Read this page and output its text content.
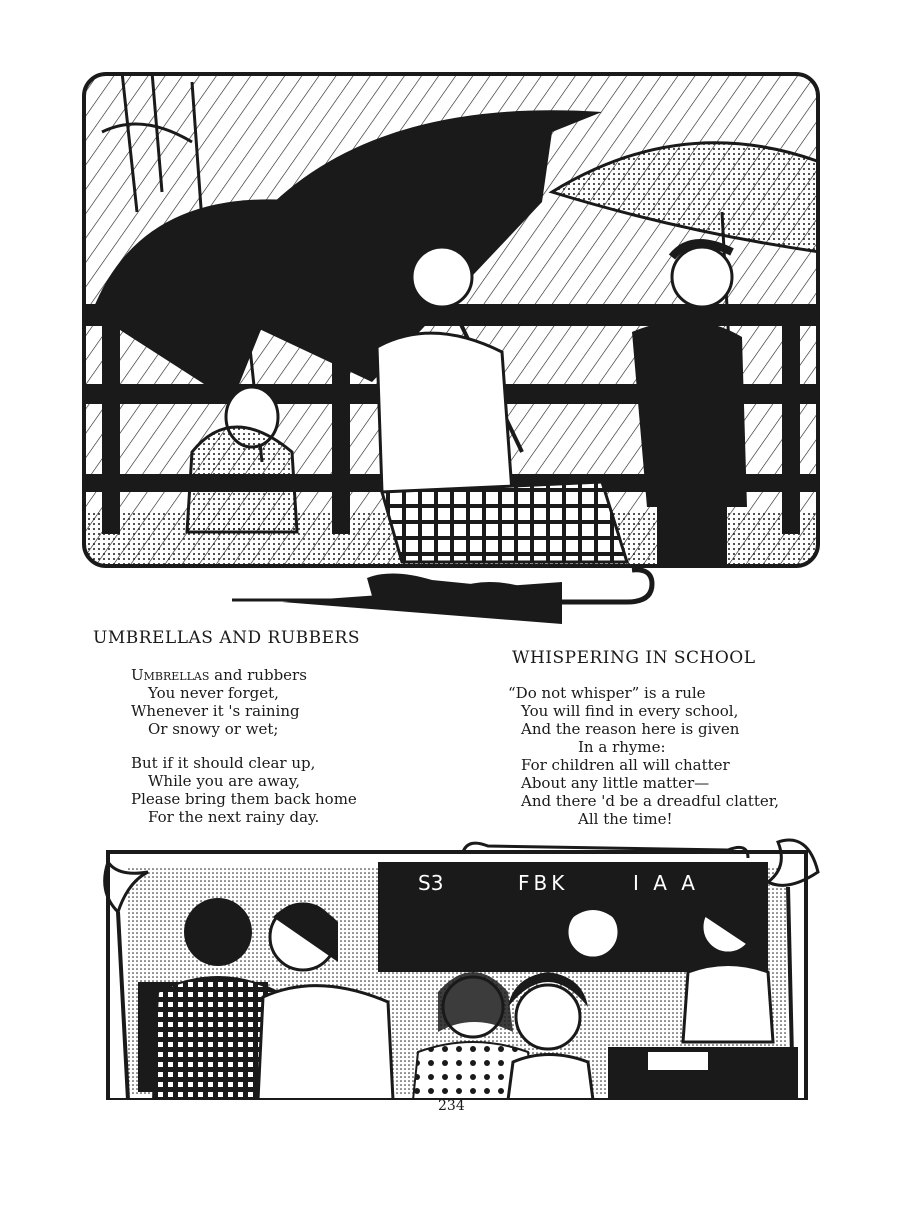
UMBRELLAS AND RUBBERS
Umbrellas and rubbers
You never forget,
Whenever it 's raining
Or snowy or wet;
But if it should clear up,
While you are away,
Please bring them back home
For the next rainy day.
WHISPERING IN SCHOOL
“Do not whisper” is a rule
You will find in every school,
And the reason here is given
In a rhyme:
For children all will chatter
About any little matter—
And there 'd be a dreadful clatter,
All the time!
S3	FBK	I A A
234
